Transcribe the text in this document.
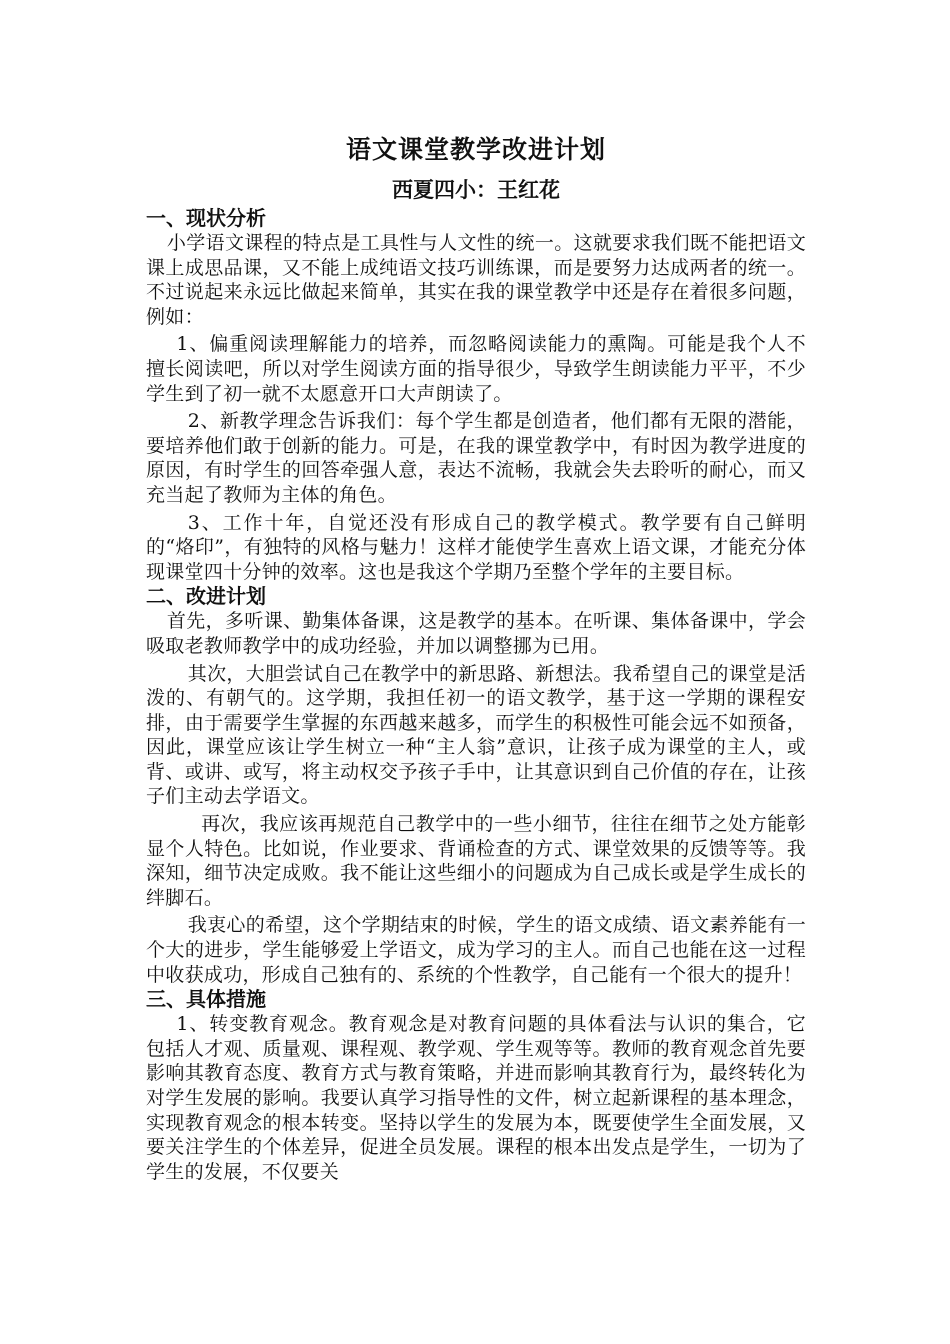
语文课堂教学改进计划
西夏四小：王红花
一、现状分析

小学语文课程的特点是工具性与人文性的统一。这就要求我们既不能把语文课上成思品课，又不能上成纯语文技巧训练课，而是要努力达成两者的统一。不过说起来永远比做起来简单，其实在我的课堂教学中还是存在着很多问题，例如：

1、偏重阅读理解能力的培养，而忽略阅读能力的熏陶。可能是我个人不擅长阅读吧，所以对学生阅读方面的指导很少，导致学生朗读能力平平，不少学生到了初一就不太愿意开口大声朗读了。

2、新教学理念告诉我们：每个学生都是创造者，他们都有无限的潜能，要培养他们敢于创新的能力。可是，在我的课堂教学中，有时因为教学进度的原因，有时学生的回答牵强人意，表达不流畅，我就会失去聆听的耐心，而又充当起了教师为主体的角色。

3、工作十年，自觉还没有形成自己的教学模式。教学要有自己鲜明的“烙印”，有独特的风格与魅力！这样才能使学生喜欢上语文课，才能充分体现课堂四十分钟的效率。这也是我这个学期乃至整个学年的主要目标。

二、改进计划

首先，多听课、勤集体备课，这是教学的基本。在听课、集体备课中，学会吸取老教师教学中的成功经验，并加以调整挪为已用。

其次，大胆尝试自己在教学中的新思路、新想法。我希望自己的课堂是活泼的、有朝气的。这学期，我担任初一的语文教学，基于这一学期的课程安排，由于需要学生掌握的东西越来越多，而学生的积极性可能会远不如预备，因此，课堂应该让学生树立一种“主人翁”意识，让孩子成为课堂的主人，或背、或讲、或写，将主动权交予孩子手中，让其意识到自己价值的存在，让孩子们主动去学语文。

再次，我应该再规范自己教学中的一些小细节，往往在细节之处方能彰显个人特色。比如说，作业要求、背诵检查的方式、课堂效果的反馈等等。我深知，细节决定成败。我不能让这些细小的问题成为自己成长或是学生成长的绊脚石。

我衷心的希望，这个学期结束的时候，学生的语文成绩、语文素养能有一个大的进步，学生能够爱上学语文，成为学习的主人。而自己也能在这一过程中收获成功，形成自己独有的、系统的个性教学，自己能有一个很大的提升！

三、具体措施

1、转变教育观念。教育观念是对教育问题的具体看法与认识的集合，它包括人才观、质量观、课程观、教学观、学生观等等。教师的教育观念首先要影响其教育态度、教育方式与教育策略，并进而影响其教育行为，最终转化为对学生发展的影响。我要认真学习指导性的文件，树立起新课程的基本理念，实现教育观念的根本转变。坚持以学生的发展为本，既要使学生全面发展，又要关注学生的个体差异，促进全员发展。课程的根本出发点是学生，一切为了学生的发展，不仅要关
